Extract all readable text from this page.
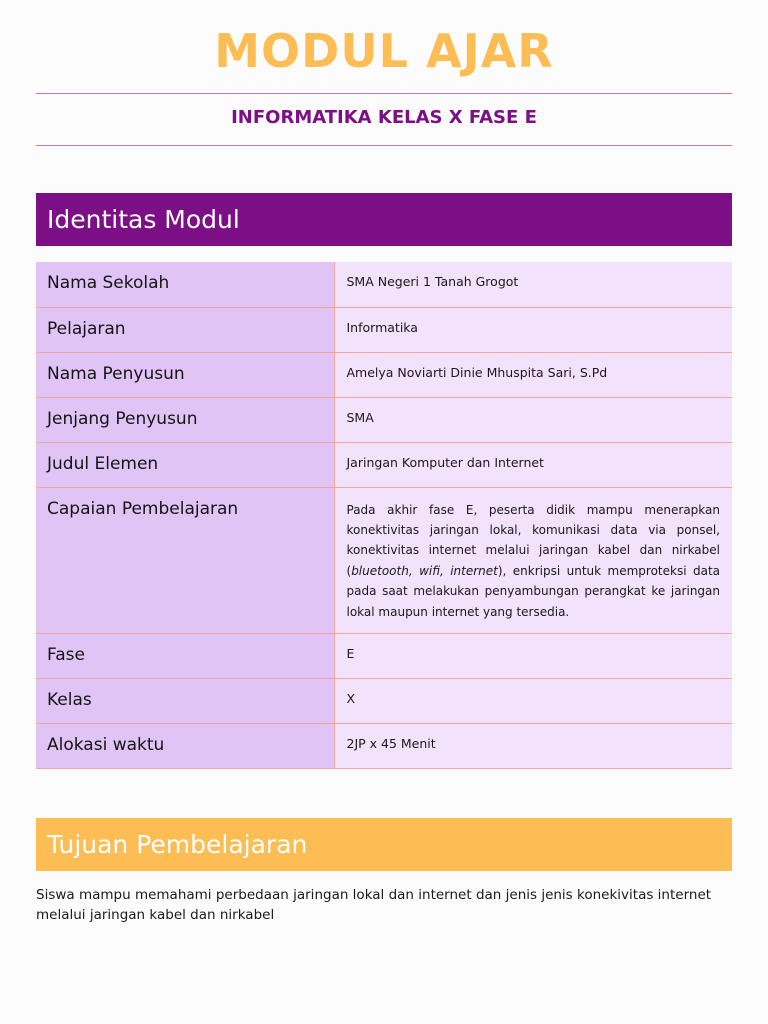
MODUL AJAR
INFORMATIKA KELAS X FASE E
Identitas Modul
Nama Sekolah	SMA Negeri 1 Tanah Grogot
Pelajaran	Informatika
Nama Penyusun	Amelya Noviarti Dinie Mhuspita Sari, S.Pd
Jenjang Penyusun	SMA
Judul Elemen	Jaringan Komputer dan Internet
Capaian Pembelajaran	Pada akhir fase E, peserta didik mampu menerapkan konektivitas jaringan lokal, komunikasi data via ponsel, konektivitas internet melalui jaringan kabel dan nirkabel (bluetooth, wifi, internet), enkripsi untuk memproteksi data pada saat melakukan penyambungan perangkat ke jaringan lokal maupun internet yang tersedia.

Fase	E
Kelas	X
Alokasi waktu	2JP x 45 Menit
Tujuan Pembelajaran
Siswa mampu memahami perbedaan jaringan lokal dan internet dan jenis jenis konekivitas internet melalui jaringan kabel dan nirkabel
